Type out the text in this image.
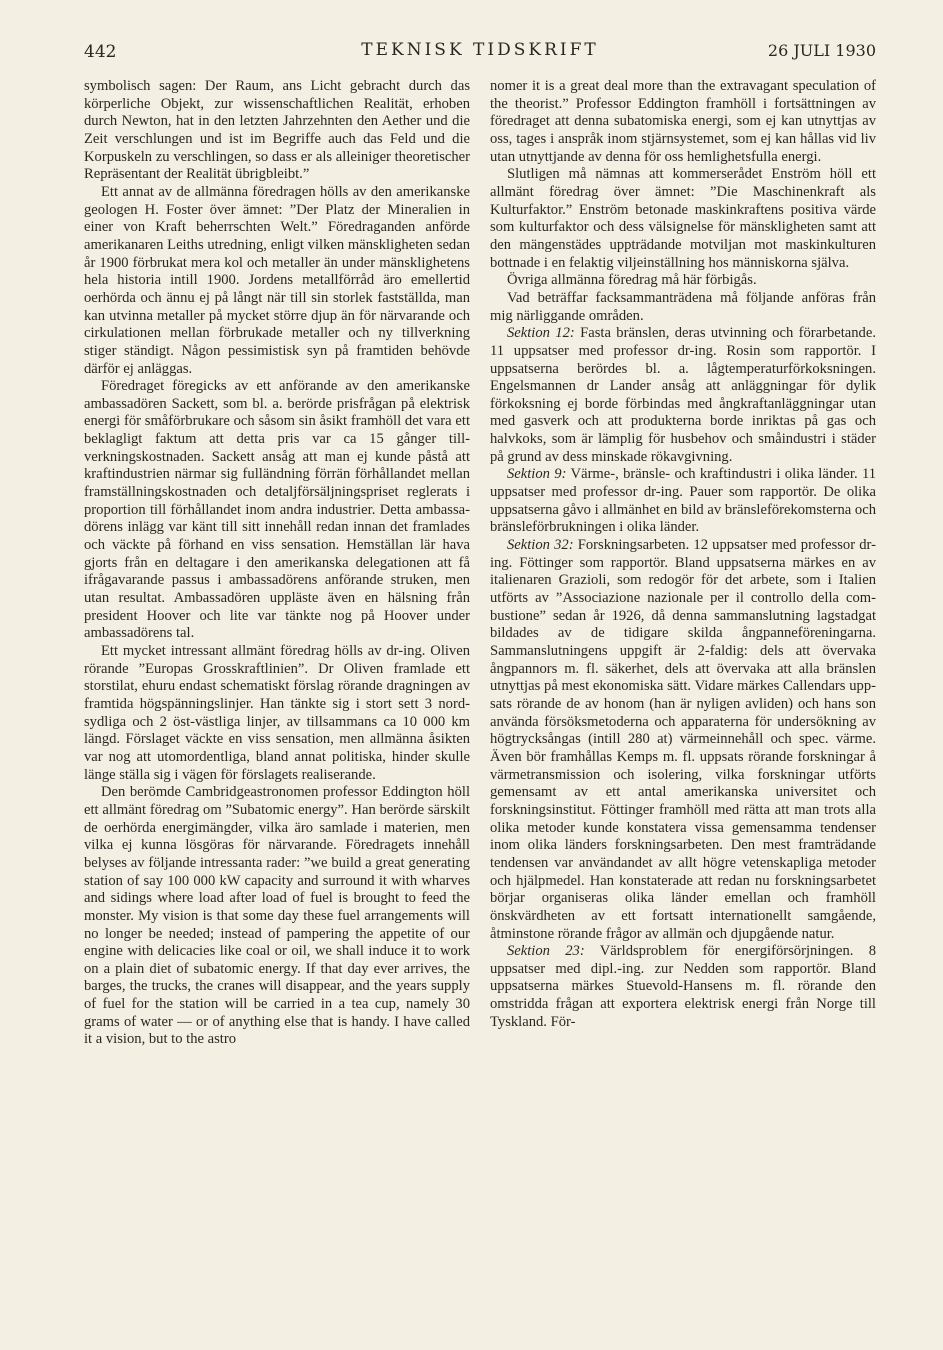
442	TEKNISK TIDSKRIFT	26 JULI 1930

symbolisch sagen: Der Raum, ans Licht gebracht durch das körperliche Objekt, zur wissenschaftlichen Realität, erhoben durch Newton, hat in den letzten Jahrzehnten den Aether und die Zeit verschlungen und ist im Begriffe auch das Feld und die Korpuskeln zu verschlingen, so dass er als alleiniger theoretischer Repräsentant der Realität übrigbleibt.”

Ett annat av de allmänna föredragen hölls av den amerikanske geologen H. Foster över ämnet: ”Der Platz der Mineralien in einer von Kraft beherrschten Welt.” Föredraganden anförde amerikanaren Leiths utredning, enligt vilken mänskligheten sedan år 1900 förbrukat mera kol och metaller än under mänsklighetens hela historia intill 1900. Jordens metallförråd äro emellertid oerhörda och ännu ej på långt när till sin storlek fastställda, man kan utvinna metaller på mycket större djup än för närvarande och cirkulationen mellan förbrukade metaller och ny tillverkning stiger ständigt. Någon pessimistisk syn på framtiden behövde därför ej anläggas.

Föredraget föregicks av ett anförande av den amerikanske ambassadören Sackett, som bl. a. berörde prisfrågan på elektrisk energi för småförbrukare och såsom sin åsikt framhöll det vara ett beklagligt faktum att detta pris var ca 15 gånger tillverkningskostnaden. Sackett ansåg att man ej kunde påstå att kraftindustrien närmar sig fulländning förrän förhållandet mellan framställningskostnaden och detaljförsäljningspriset reglerats i proportion till förhållandet inom andra industrier. Detta ambassadörens inlägg var känt till sitt innehåll redan innan det framlades och väckte på förhand en viss sensation. Hemställan lär hava gjorts från en deltagare i den amerikanska delegationen att få ifrågavarande passus i ambassadörens anförande struken, men utan resultat. Ambassadören uppläste även en hälsning från president Hoover och lite var tänkte nog på Hoover under ambassadörens tal.

Ett mycket intressant allmänt föredrag hölls av dr-ing. Oliven rörande ”Europas Grosskraftlinien”. Dr Oliven framlade ett storstilat, ehuru endast schematiskt förslag rörande dragningen av framtida högspänningslinjer. Han tänkte sig i stort sett 3 nordsydliga och 2 öst-västliga linjer, av tillsammans ca 10 000 km längd. Förslaget väckte en viss sensation, men allmänna åsikten var nog att utomordentliga, bland annat politiska, hinder skulle länge ställa sig i vägen för förslagets realiserande.

Den berömde Cambridgeastronomen professor Eddington höll ett allmänt föredrag om ”Subatomic energy”. Han berörde särskilt de oerhörda energimängder, vilka äro samlade i materien, men vilka ej kunna lösgöras för närvarande. Föredragets innehåll belyses av följande intressanta rader: ”we build a great generating station of say 100 000 kW capacity and surround it with wharves and sidings where load after load of fuel is brought to feed the monster. My vision is that some day these fuel arrangements will no longer be needed; instead of pampering the appetite of our engine with delicacies like coal or oil, we shall induce it to work on a plain diet of subatomic energy. If that day ever arrives, the barges, the trucks, the cranes will disappear, and the years supply of fuel for the station will be carried in a tea cup, namely 30 grams of water — or of anything else that is handy. I have called it a vision, but to the astro

nomer it is a great deal more than the extravagant speculation of the theorist.” Professor Eddington framhöll i fortsättningen av föredraget att denna subatomiska energi, som ej kan utnyttjas av oss, tages i anspråk inom stjärnsystemet, som ej kan hållas vid liv utan utnyttjande av denna för oss hemlighetsfulla energi.

Slutligen må nämnas att kommerserådet Enström höll ett allmänt föredrag över ämnet: ”Die Maschinenkraft als Kulturfaktor.” Enström betonade maskinkraftens positiva värde som kulturfaktor och dess välsignelse för mänskligheten samt att den mängenstädes uppträdande motviljan mot maskinkulturen bottnade i en felaktig viljeinställning hos människorna själva.

Övriga allmänna föredrag må här förbigås.

Vad beträffar facksammanträdena må följande anföras från mig närliggande områden.

Sektion 12: Fasta bränslen, deras utvinning och förarbetande. 11 uppsatser med professor dr-ing. Rosin som rapportör. I uppsatserna berördes bl. a. lågtemperaturförkoksningen. Engelsmannen dr Lander ansåg att anläggningar för dylik förkoksning ej borde förbindas med ångkraftanläggningar utan med gasverk och att produkterna borde inriktas på gas och halvkoks, som är lämplig för husbehov och småindustri i städer på grund av dess minskade rökavgivning.

Sektion 9: Värme-, bränsle- och kraftindustri i olika länder. 11 uppsatser med professor dr-ing. Pauer som rapportör. De olika uppsatserna gåvo i allmänhet en bild av bränsleförekomsterna och bränsleförbrukningen i olika länder.

Sektion 32: Forskningsarbeten. 12 uppsatser med professor dr-ing. Föttinger som rapportör. Bland uppsatserna märkes en av italienaren Grazioli, som redogör för det arbete, som i Italien utförts av ”Associazione nazionale per il controllo della combustione” sedan år 1926, då denna sammanslutning lagstadgat bildades av de tidigare skilda ångpanneföreningarna. Sammanslutningens uppgift är 2-faldig: dels att övervaka ångpannors m. fl. säkerhet, dels att övervaka att alla bränslen utnyttjas på mest ekonomiska sätt. Vidare märkes Callendars uppsats rörande de av honom (han är nyligen avliden) och hans son använda försöksmetoderna och apparaterna för undersökning av högtrycksångas (intill 280 at) värmeinnehåll och spec. värme. Även bör framhållas Kemps m. fl. uppsats rörande forskningar å värmetransmission och isolering, vilka forskningar utförts gemensamt av ett antal amerikanska universitet och forskningsinstitut. Föttinger framhöll med rätta att man trots alla olika metoder kunde konstatera vissa gemensamma tendenser inom olika länders forskningsarbeten. Den mest framträdande tendensen var användandet av allt högre vetenskapliga metoder och hjälpmedel. Han konstaterade att redan nu forskningsarbetet börjar organiseras olika länder emellan och framhöll önskvärdheten av ett fortsatt internationellt samgående, åtminstone rörande frågor av allmän och djupgående natur.

Sektion 23: Världsproblem för energiförsörjningen. 8 uppsatser med dipl.-ing. zur Nedden som rapportör. Bland uppsatserna märkes Stuevold-Hansens m. fl. rörande den omstridda frågan att exportera elektrisk energi från Norge till Tyskland. För-
